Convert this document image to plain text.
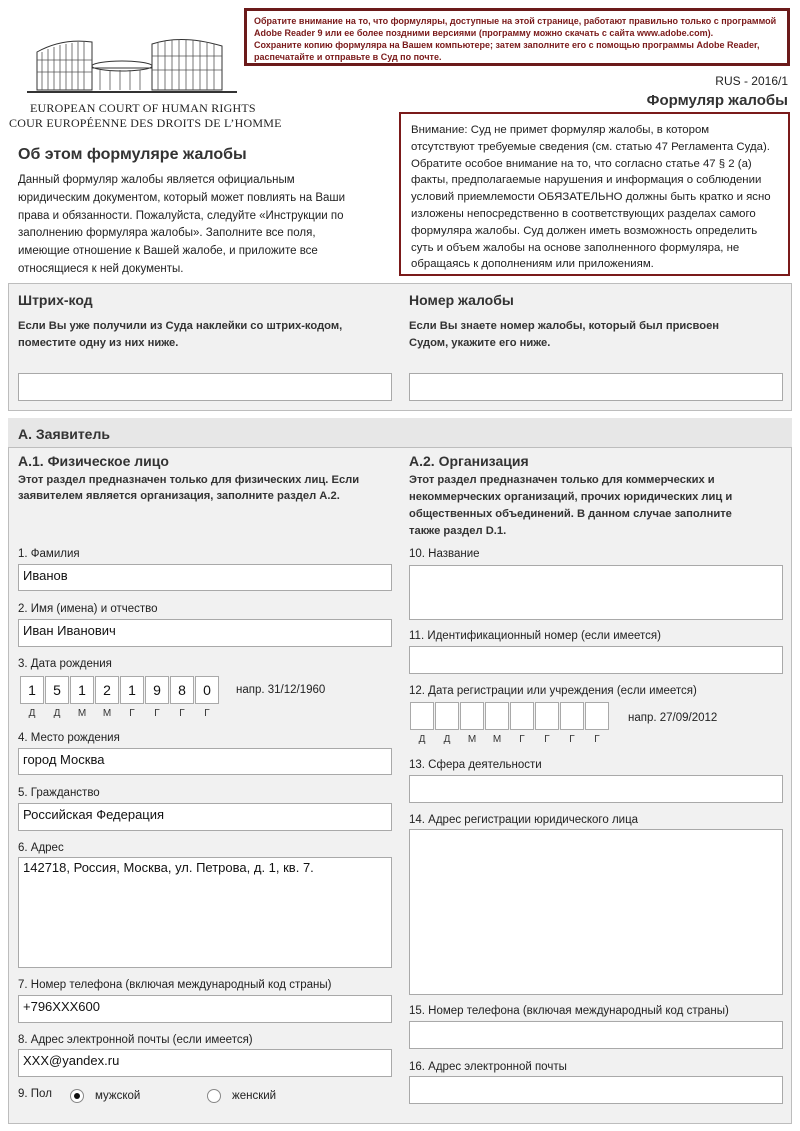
EUROPEAN COURT OF HUMAN RIGHTS
COUR EUROPÉENNE DES DROITS DE L’HOMME
Обратите внимание на то, что формуляры, доступные на этой странице, работают правильно только с программой
Adobe Reader 9 или ее более поздними версиями (программу можно скачать с сайта www.adobe.com).
Сохраните копию формуляра на Вашем компьютере; затем заполните его с помощью программы Adobe Reader,
распечатайте и отправьте в Суд по почте.
RUS - 2016/1
Формуляр жалобы
Об этом формуляре жалобы
Данный формуляр жалобы является официальным
юридическим документом, который может повлиять на Ваши
права и обязанности. Пожалуйста, следуйте «Инструкции по
заполнению формуляра жалобы». Заполните все поля,
имеющие отношение к Вашей жалобе, и приложите все
относящиеся к ней документы.
Внимание: Суд не примет формуляр жалобы, в котором
отсутствуют требуемые сведения (см. статью 47 Регламента Суда).
Обратите особое внимание на то, что согласно статье 47 § 2 (a)
факты, предполагаемые нарушения и информация о соблюдении
условий приемлемости ОБЯЗАТЕЛЬНО должны быть кратко и ясно
изложены непосредственно в соответствующих разделах самого
формуляра жалобы. Суд должен иметь возможность определить
суть и объем жалобы на основе заполненного формуляра, не
обращаясь к дополнениям или приложениям.
Штрих-код
Если Вы уже получили из Суда наклейки со штрих-кодом,
поместите одну из них ниже.
Номер жалобы
Если Вы знаете номер жалобы, который был присвоен
Судом, укажите его ниже.
A. Заявитель
A.1. Физическое лицо
Этот раздел предназначен только для физических лиц. Если
заявителем является организация, заполните раздел A.2.
1. Фамилия
Иванов
2. Имя (имена) и отчество
Иван Иванович
3. Дата рождения
1	5	1	2	1	9	8	0	напр. 31/12/1960
Д	Д	М	М	Г	Г	Г	Г
4. Место рождения
город Москва
5. Гражданство
Российская Федерация
6. Адрес
142718, Россия, Москва, ул. Петрова, д. 1, кв. 7.
7. Номер телефона (включая международный код страны)
+796XXX600
8. Адрес электронной почты (если имеется)
XXX@yandex.ru
9. Пол	мужской	женский
A.2. Организация
Этот раздел предназначен только для коммерческих и
некоммерческих организаций, прочих юридических лиц и
общественных объединений. В данном случае заполните
также раздел D.1.
10. Название
11. Идентификационный номер (если имеется)
12. Дата регистрации или учреждения (если имеется)
напр. 27/09/2012
Д	Д	М	М	Г	Г	Г	Г
13. Сфера деятельности
14. Адрес регистрации юридического лица
15. Номер телефона (включая международный код страны)
16. Адрес электронной почты
